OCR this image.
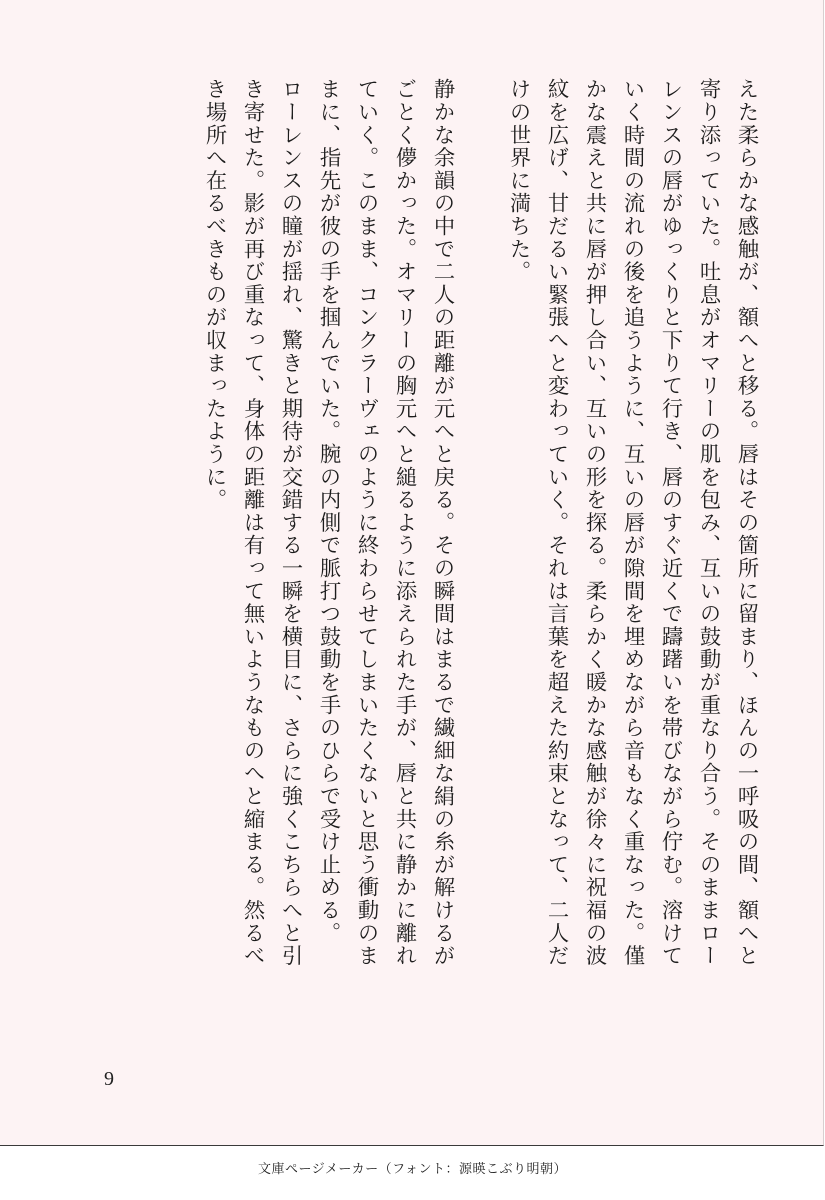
えた柔らかな感触が、額へと移る。唇はその箇所に留まり、ほんの一呼吸の間、額へと
寄り添っていた。吐息がオマリーの肌を包み、互いの鼓動が重なり合う。そのままロー
レンスの唇がゆっくりと下りて行き、唇のすぐ近くで躊躇いを帯びながら佇む。溶けて
いく時間の流れの後を追うように、互いの唇が隙間を埋めながら音もなく重なった。僅
かな震えと共に唇が押し合い、互いの形を探る。柔らかく暖かな感触が徐々に祝福の波
紋を広げ、甘だるい緊張へと変わっていく。それは言葉を超えた約束となって、二人だ
けの世界に満ちた。
静かな余韻の中で二人の距離が元へと戻る。その瞬間はまるで繊細な絹の糸が解けるが
ごとく儚かった。オマリーの胸元へと縋るように添えられた手が、唇と共に静かに離れ
ていく。このまま、コンクラーヴェのように終わらせてしまいたくないと思う衝動のま
まに、指先が彼の手を掴んでいた。腕の内側で脈打つ鼓動を手のひらで受け止める。
ローレンスの瞳が揺れ、驚きと期待が交錯する一瞬を横目に、さらに強くこちらへと引
き寄せた。影が再び重なって、身体の距離は有って無いようなものへと縮まる。然るべ
き場所へ在るべきものが収まったように。
9
文庫ページメーカー（フォント：源暎こぶり明朝）
